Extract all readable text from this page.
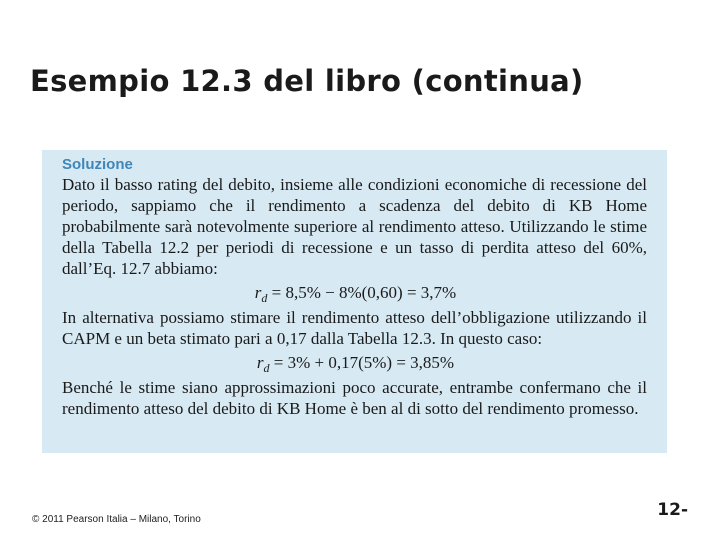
Esempio 12.3 del libro (continua)
Soluzione
Dato il basso rating del debito, insieme alle condizioni economiche di recessione del periodo, sappiamo che il rendimento a scadenza del debito di KB Home probabilmente sarà notevolmente superiore al rendimento atteso. Utilizzando le stime della Tabella 12.2 per periodi di recessione e un tasso di perdita atteso del 60%, dall’Eq. 12.7 abbiamo:
$r_d = 8,5\% - 8\%(0,60) = 3,7\%$
In alternativa possiamo stimare il rendimento atteso dell’obbligazione utilizzando il CAPM e un beta stimato pari a 0,17 dalla Tabella 12.3. In questo caso:
$r_d = 3\% + 0,17(5\%) = 3,85\%$
Benché le stime siano approssimazioni poco accurate, entrambe confermano che il rendimento atteso del debito di KB Home è ben al di sotto del rendimento promesso.
© 2011 Pearson Italia – Milano, Torino	12-
